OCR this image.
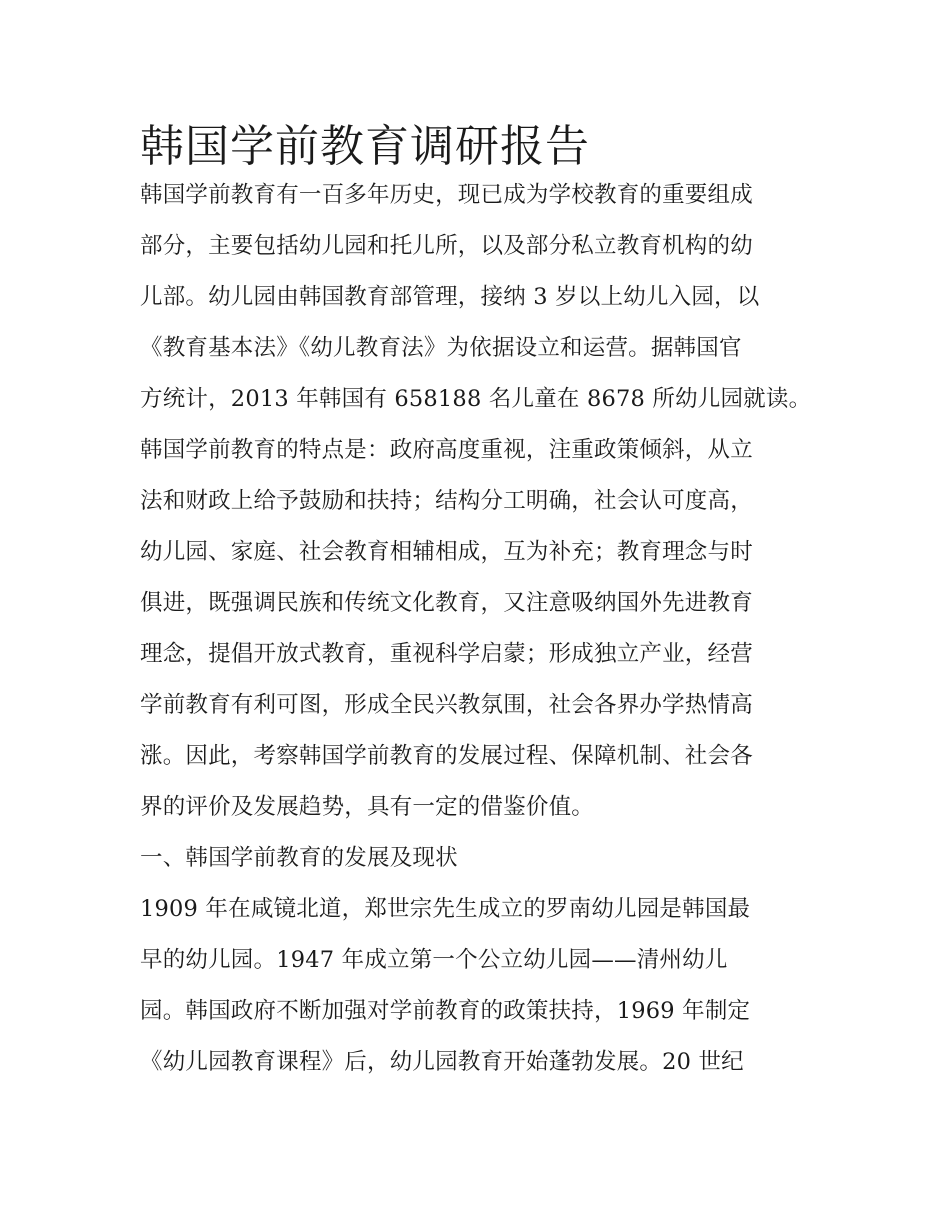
韩国学前教育调研报告
韩国学前教育有一百多年历史，现已成为学校教育的重要组成
部分，主要包括幼儿园和托儿所，以及部分私立教育机构的幼
儿部。幼儿园由韩国教育部管理，接纳 3 岁以上幼儿入园，以
《教育基本法》《幼儿教育法》为依据设立和运营。据韩国官
方统计，2013 年韩国有 658188 名儿童在 8678 所幼儿园就读。
韩国学前教育的特点是：政府高度重视，注重政策倾斜，从立
法和财政上给予鼓励和扶持；结构分工明确，社会认可度高，
幼儿园、家庭、社会教育相辅相成，互为补充；教育理念与时
俱进，既强调民族和传统文化教育，又注意吸纳国外先进教育
理念，提倡开放式教育，重视科学启蒙；形成独立产业，经营
学前教育有利可图，形成全民兴教氛围，社会各界办学热情高
涨。因此，考察韩国学前教育的发展过程、保障机制、社会各
界的评价及发展趋势，具有一定的借鉴价值。
一、韩国学前教育的发展及现状
1909 年在咸镜北道，郑世宗先生成立的罗南幼儿园是韩国最
早的幼儿园。1947 年成立第一个公立幼儿园——清州幼儿
园。韩国政府不断加强对学前教育的政策扶持，1969 年制定
《幼儿园教育课程》后，幼儿园教育开始蓬勃发展。20 世纪
